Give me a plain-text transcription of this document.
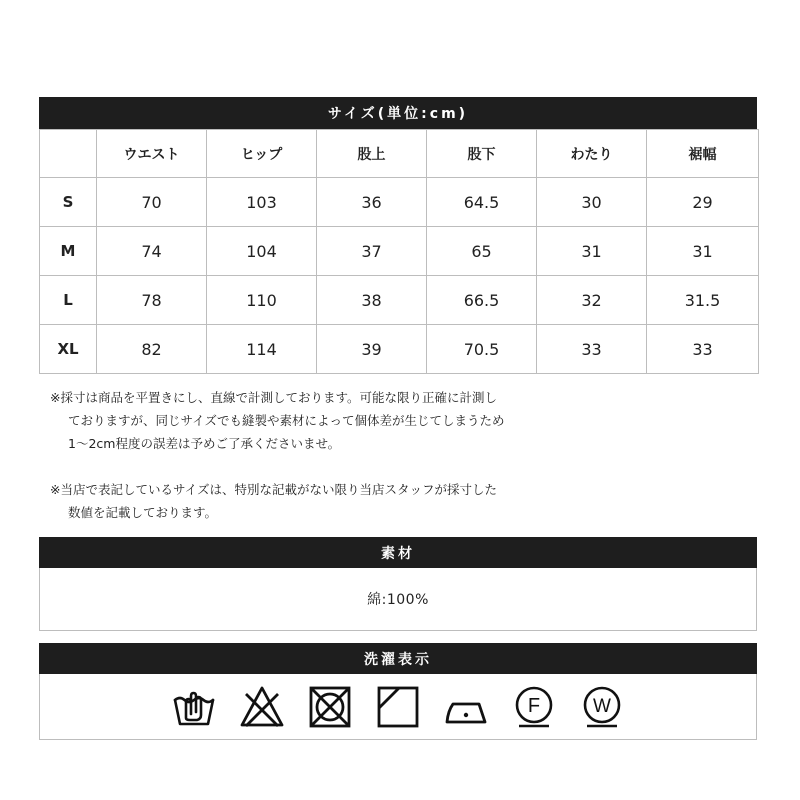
サイズ(単位:cm)
	ウエスト	ヒップ	股上	股下	わたり	裾幅
S	70	103	36	64.5	30	29
M	74	104	37	65	31	31
L	78	110	38	66.5	32	31.5
XL	82	114	39	70.5	33	33

※採寸は商品を平置きにし、直線で計測しております。可能な限り正確に計測し

ておりますが、同じサイズでも縫製や素材によって個体差が生じてしまうため

1～2cm程度の誤差は予めご了承くださいませ。

※当店で表記しているサイズは、特別な記載がない限り当店スタッフが採寸した

数値を記載しております。

素材
綿:100%
洗濯表示
F	W
